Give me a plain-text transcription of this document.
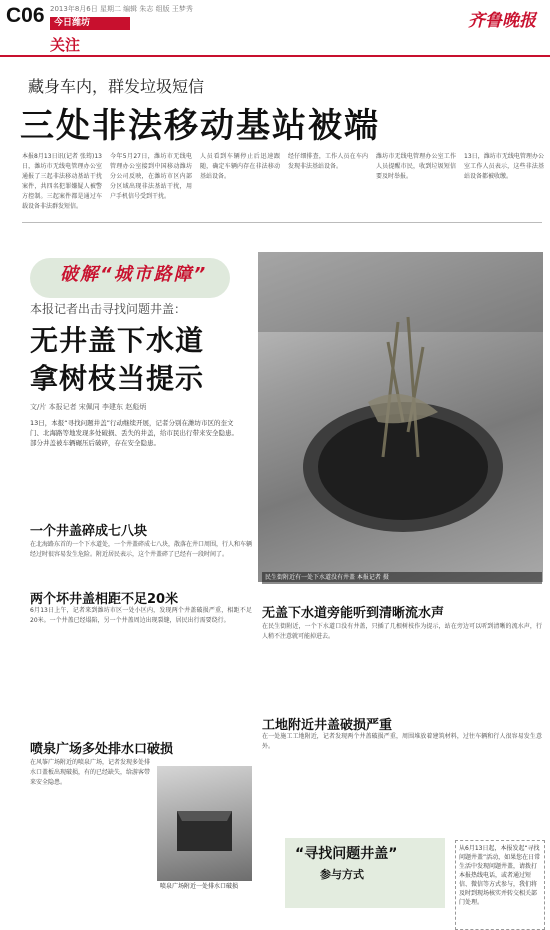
C06 2013年8月6日 星期二 编辑 朱志 组版 王梦秀
今日潍坊
关注
齐鲁晚报
藏身车内，群发垃圾短信
三处非法移动基站被端
本报8月13日讯(记者 张筠)13日，潍坊市无线电管理办公室通报了三起非法移动基站干扰案件，共四名犯罪嫌疑人被警方控制。三起案件都是通过车载设备非法群发短信。
今年5月27日，潍坊市无线电管理办公室接到中国移动潍坊分公司反映，在潍坊市区内部分区域出现非法基站干扰，用户手机信号受到干扰。
人员看到车辆停止后迅速跟随，确定车辆内存在非法移动基站设备。
经仔细排查，工作人员在车内发现非法基站设备。
潍坊市无线电管理办公室工作人员提醒市民，收到垃圾短信要及时举报。
13日，潍坊市无线电管理办公室工作人员表示，这些非法基站设备都被收缴。
破解“城市路障”
本报记者出击寻找问题井盖：
无井盖下水道
拿树枝当提示
文/片 本报记者 宋佩同 李建东 赵彪炳
13日，本报“寻找问题井盖”行动继续开展，记者分别在潍坊市区的奎文门、北海路等地发现多处破损、丢失的井盖，给市民出行带来安全隐患。部分井盖被车辆碾压后破碎，存在安全隐患。
民生街附近有一处下水道没有井盖 本报记者 摄
一个井盖碎成七八块
在北海路东首的一个下水道处，一个井盖碎成七八块，散落在井口周围，行人和车辆经过时很容易发生危险。附近居民表示，这个井盖碎了已经有一段时间了。
两个坏井盖相距不足20米
6月13日上午，记者来到潍坊市区一处小区内，发现两个井盖破损严重，相距不足20米。一个井盖已经塌陷，另一个井盖周边出现裂缝，居民出行需要绕行。
喷泉广场多处排水口破损
在风筝广场附近的喷泉广场，记者发现多处排水口盖板出现破损，有的已经缺失，给游客带来安全隐患。
喷泉广场附近一处排水口破损
无盖下水道旁能听到清晰流水声
在民生街附近，一个下水道口没有井盖，只插了几根树枝作为提示，站在旁边可以听到清晰的流水声，行人稍不注意就可能掉进去。
工地附近井盖破损严重
在一处施工工地附近，记者发现两个井盖破损严重，周围堆放着建筑材料，过往车辆和行人很容易发生意外。
“寻找问题井盖”
参与方式
从6月13日起，本报发起“寻找问题井盖”活动，如果您在日常生活中发现问题井盖，请拨打本报热线电话，或者通过短信、微信等方式参与，我们将及时到现场核实并转交相关部门处理。
